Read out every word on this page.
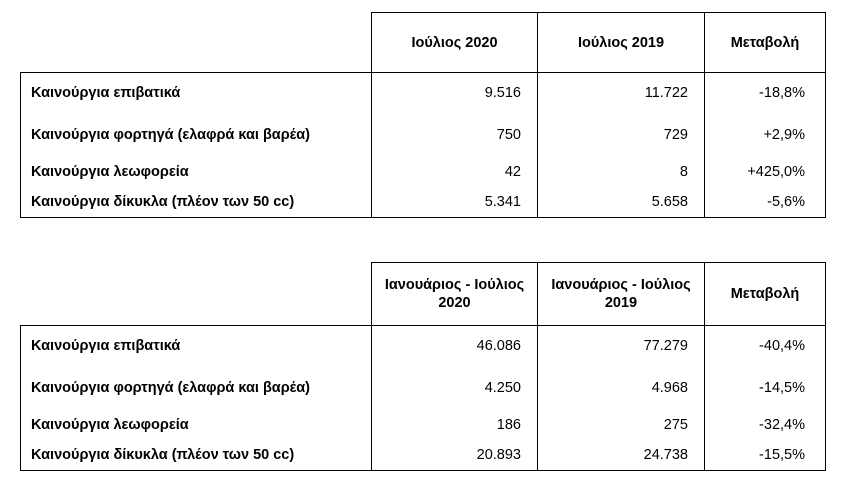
	Ιούλιος 2020	Ιούλιος 2019	Μεταβολή
Καινούργια επιβατικά	9.516	11.722	-18,8%
Καινούργια φορτηγά (ελαφρά και βαρέα)	750	729	+2,9%
Καινούργια λεωφορεία	42	8	+425,0%
Καινούργια δίκυκλα (πλέον των 50 cc)	5.341	5.658	-5,6%
	Ιανουάριος - Ιούλιος 2020	Ιανουάριος - Ιούλιος 2019	Μεταβολή
Καινούργια επιβατικά	46.086	77.279	-40,4%
Καινούργια φορτηγά (ελαφρά και βαρέα)	4.250	4.968	-14,5%
Καινούργια λεωφορεία	186	275	-32,4%
Καινούργια δίκυκλα (πλέον των 50 cc)	20.893	24.738	-15,5%
